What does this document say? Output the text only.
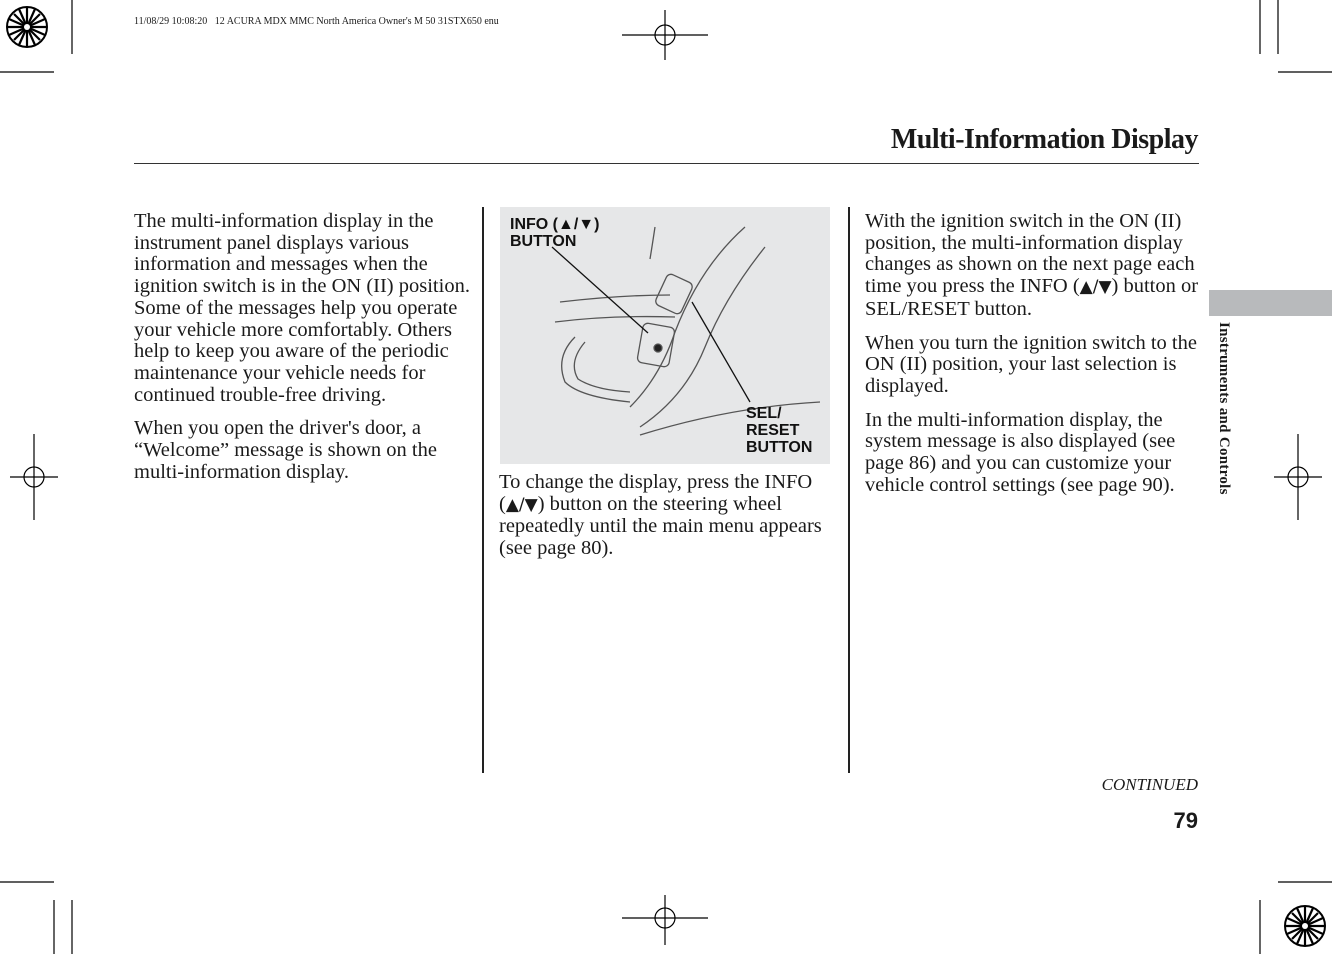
11/08/29 10:08:20   12 ACURA MDX MMC North America Owner's M 50 31STX650 enu
Multi-Information Display

The multi-information display in the instrument panel displays various information and messages when the ignition switch is in the ON (II) position. Some of the messages help you operate your vehicle more comfortably. Others help to keep you aware of the periodic maintenance your vehicle needs for continued trouble-free driving.

When you open the driver's door, a “Welcome” message is shown on the multi-information display.

INFO (▲/▼)
BUTTON
SEL/
RESET
BUTTON

To change the display, press the INFO (▲/▼) button on the steering wheel repeatedly until the main menu appears (see page 80).

With the ignition switch in the ON (II) position, the multi-information display changes as shown on the next page each time you press the INFO (▲/▼) button or SEL/RESET button.

When you turn the ignition switch to the ON (II) position, your last selection is displayed.

In the multi-information display, the system message is also displayed (see page 86) and you can customize your vehicle control settings (see page 90).	Instruments and Controls
CONTINUED
79
